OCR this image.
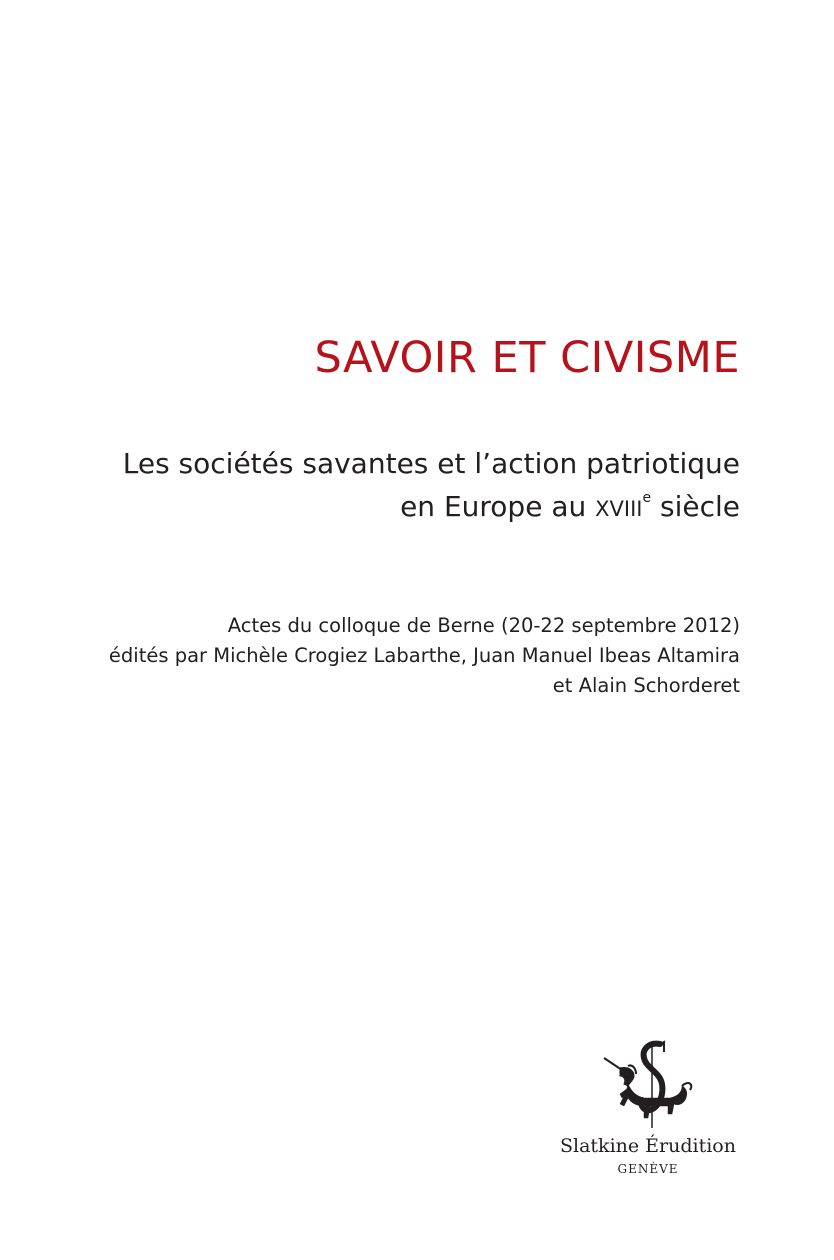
SAVOIR ET CIVISME
Les sociétés savantes et l’action patriotique
en Europe au XVIIIe siècle
Actes du colloque de Berne (20-22 septembre 2012)
édités par Michèle Crogiez Labarthe, Juan Manuel Ibeas Altamira
et Alain Schorderet
Slatkine Érudition
GENÈVE
